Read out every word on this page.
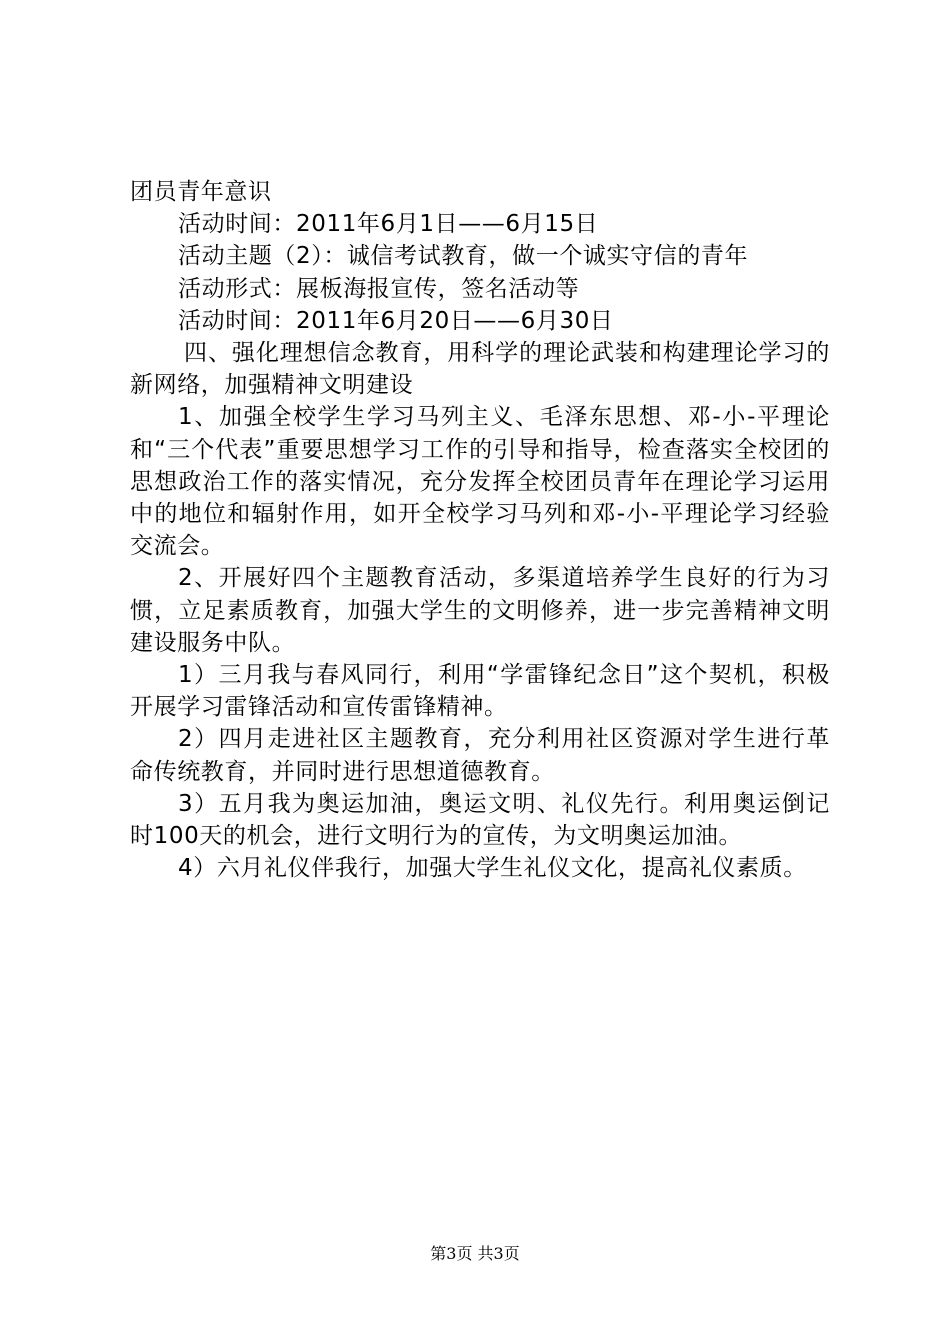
团员青年意识

活动时间：2011年6月1日——6月15日

活动主题（2）：诚信考试教育，做一个诚实守信的青年

活动形式：展板海报宣传，签名活动等

活动时间：2011年6月20日——6月30日

四、强化理想信念教育，用科学的理论武装和构建理论学习的新网络，加强精神文明建设

1、加强全校学生学习马列主义、毛泽东思想、邓-小-平理论和“三个代表”重要思想学习工作的引导和指导，检查落实全校团的思想政治工作的落实情况，充分发挥全校团员青年在理论学习运用中的地位和辐射作用，如开全校学习马列和邓-小-平理论学习经验交流会。

2、开展好四个主题教育活动，多渠道培养学生良好的行为习惯，立足素质教育，加强大学生的文明修养，进一步完善精神文明建设服务中队。

1）三月我与春风同行，利用“学雷锋纪念日”这个契机，积极开展学习雷锋活动和宣传雷锋精神。

2）四月走进社区主题教育，充分利用社区资源对学生进行革命传统教育，并同时进行思想道德教育。

3）五月我为奥运加油，奥运文明、礼仪先行。利用奥运倒记时100天的机会，进行文明行为的宣传，为文明奥运加油。

4）六月礼仪伴我行，加强大学生礼仪文化，提高礼仪素质。

第3页 共3页
